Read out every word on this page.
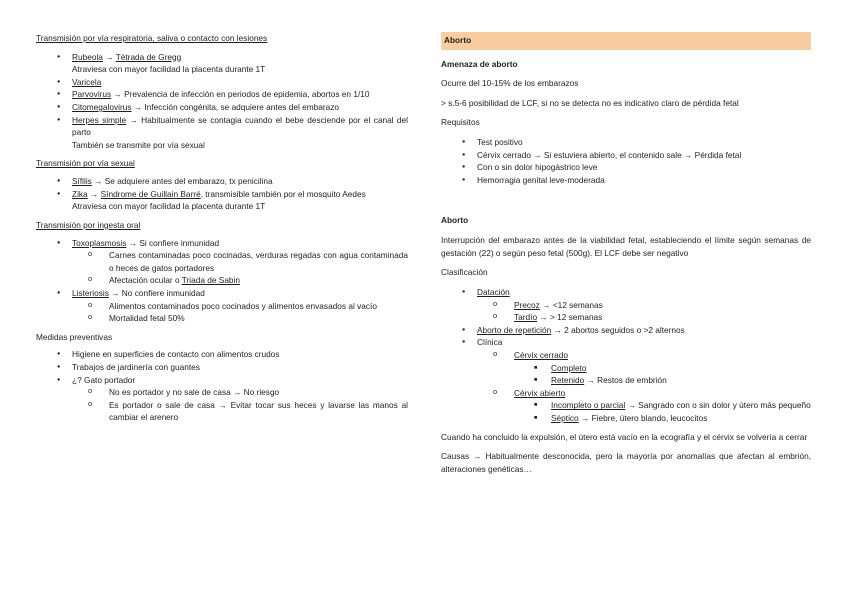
Transmisión por vía respiratoria, saliva o contacto con lesiones

● Rubeola → Tétrada de Gregg
Atraviesa con mayor facilidad la placenta durante 1T
● Varicela
● Parvovirus → Prevalencia de infección en periodos de epidemia, abortos en 1/10
● Citomegalovirus → Infección congénita, se adquiere antes del embarazo
● Herpes simple → Habitualmente se contagia cuando el bebe desciende por el canal del parto
También se transmite por vía sexual

Transmisión por vía sexual

● Sífilis → Se adquiere antes del embarazo, tx penicilina
● Zika → Síndrome de Guillain Barré, transmisible también por el mosquito Aedes
Atraviesa con mayor facilidad la placenta durante 1T

Transmisión por ingesta oral

● Toxoplasmosis → Si confiere inmunidad
o Carnes contaminadas poco cocinadas, verduras regadas con agua contaminada o heces de gatos portadores
o Afectación ocular o Triada de Sabin
● Listeriosis → No confiere inmunidad
o Alimentos contaminados poco cocinados y alimentos envasados al vacío
o Mortalidad fetal 50%

Medidas preventivas

● Higiene en superficies de contacto con alimentos crudos
● Trabajos de jardinería con guantes
● ¿? Gato portador
o No es portador y no sale de casa → No riesgo
o Es portador o sale de casa → Evitar tocar sus heces y lavarse las manos al cambiar el arenero
Aborto

Amenaza de aborto

Ocurre del 10-15% de los embarazos

> s.5-6 posibilidad de LCF, si no se detecta no es indicativo claro de pérdida fetal

Requisitos

● Test positivo
● Cérvix cerrado → Si estuviera abierto, el contenido sale → Pérdida fetal
● Con o sin dolor hipogástrico leve
● Hemorragia genital leve-moderada

Aborto

Interrupción del embarazo antes de la viabilidad fetal, estableciendo el límite según semanas de gestación (22) o según peso fetal (500g). El LCF debe ser negativo

Clasificación

● Datación
o Precoz → <12 semanas
o Tardío → > 12 semanas
● Aborto de repetición → 2 abortos seguidos o >2 alternos
● Clínica
o Cérvix cerrado
■ Completo
■ Retenido → Restos de embrión
o Cérvix abierto
■ Incompleto o parcial → Sangrado con o sin dolor y útero más pequeño
■ Séptico → Fiebre, útero blando, leucocitos

Cuando ha concluido la expulsión, el útero está vacío en la ecografía y el cérvix se volvería a cerrar

Causas → Habitualmente desconocida, pero la mayoría por anomalías que afectan al embrión, alteraciones genéticas…
